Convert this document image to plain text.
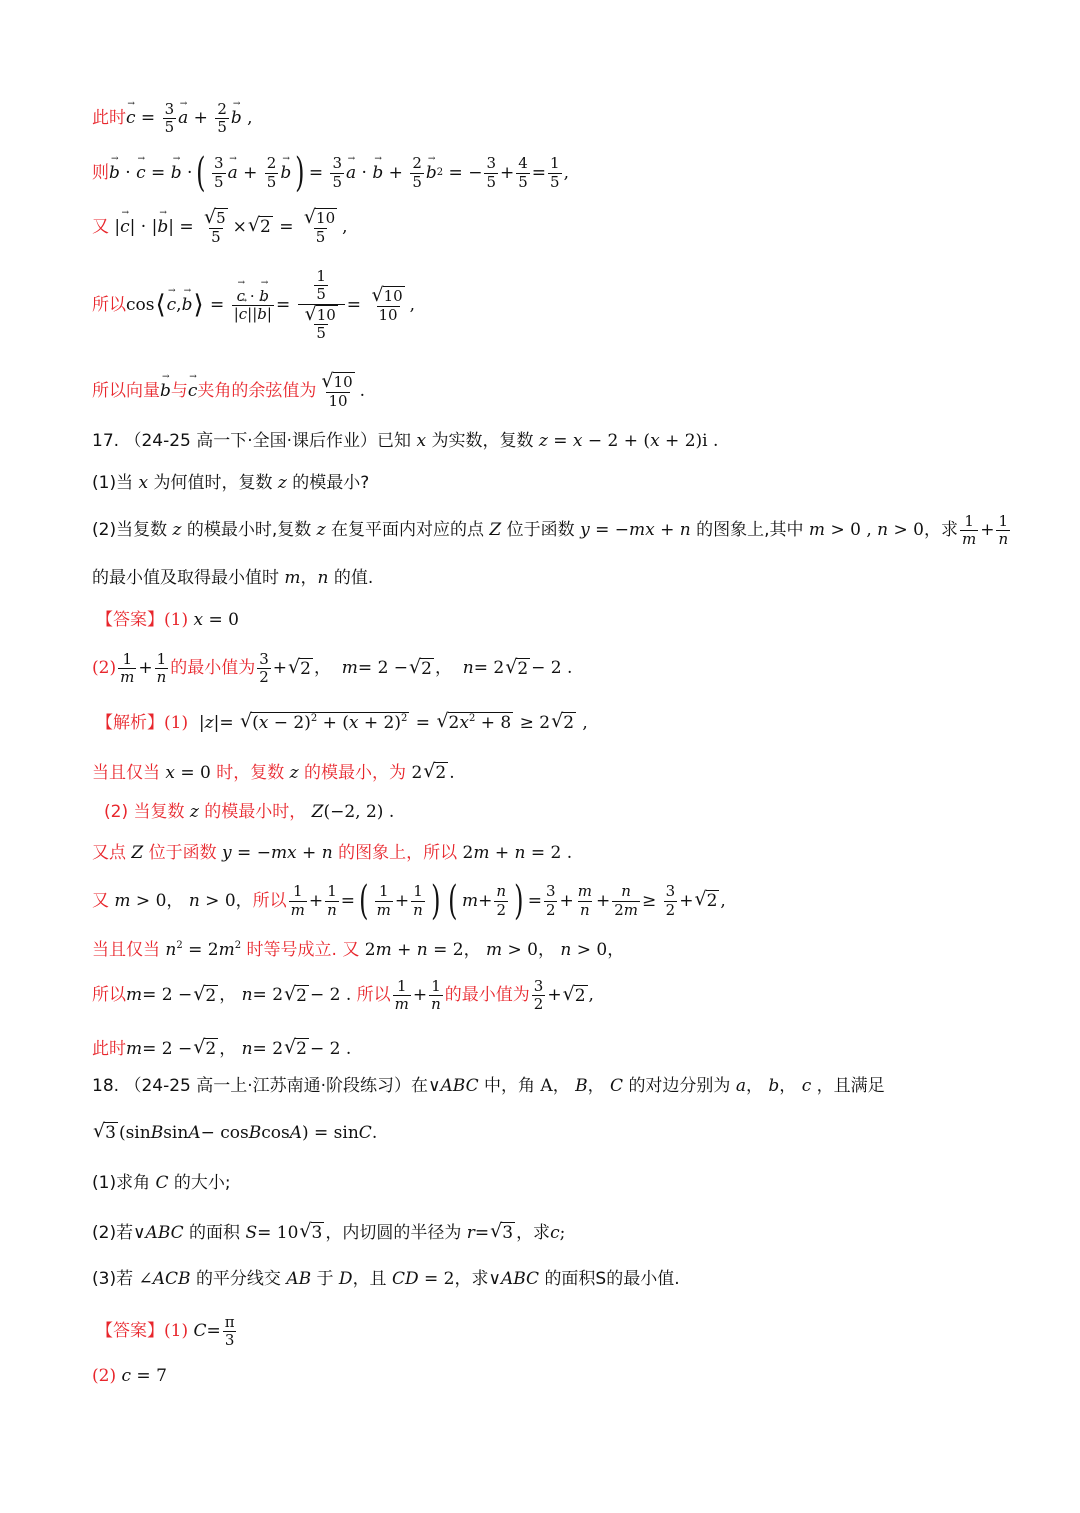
此时 → $c = \frac{3}{5} \to a + \frac{2}{5} \to b$ ,
则 → b · → c = → b · ( $\frac{3}{5} \to a + \frac{2}{5} \to b$ ) = $\frac{3}{5} \to a$ · → $b + \frac{2}{5} \to b$ 2 = − $\frac{3}{5} + \frac{4}{5} = \frac{1}{5}$ ,
又 | → c | · | → b | = $\frac{√ 5}{5}$ × √ $2 = \frac{√ 10}{5}$ ,
所以 cos ⟨ → c , → b ⟩ = → $\frac{c \cdot \to b}{|\to c||\to b|} = \frac{\frac{1}{5}}{\frac{√ 10}{5}} = \frac{√ 10}{10}$ ,
所以向量 → b 与 → c 夹角的余弦值为 $\frac{√ 10}{10}$ .
17. （24-25 高一下·全国·课后作业）已知 x 为实数，复数 z = x − 2 + (x + 2)i .
(1)当 x 为何值时，复数 z 的模最小?
(2)当复数 z 的模最小时,复数 z 在复平面内对应的点 Z 位于函数 y = −mx + n 的图象上,其中 m > 0 , n > 0 ，求 $\frac{1}{m} + \frac{1}{n}$
的最小值及取得最小值时 m，n 的值.
【答案】 (1) x = 0
$(2) \frac{1}{m} + \frac{1}{n}$ 的最小值为 $\frac{3}{2}$ + √ 2 ， m = 2 − √ 2 ， n = 2 √ 2 − 2 .
【解析】 (1) | z |= √ $(x - 2)^2 + (x + 2)^2$ = √ $2x^2 + 8 \ge 2$ √ 2 ,
当且仅当 x = 0 时，复数 z 的模最小，为 2 √ 2 .
(2) 当复数 z 的模最小时， Z(−2, 2) .
又点 Z 位于函数 y = −mx + n 的图象上，所以 2m + n = 2 .
又 m > 0， n > 0， 所以 $\frac{1}{m} + \frac{1}{n}$ = ( $\frac{1}{m} + \frac{1}{n}$ ) ( $m + \frac{n}{2}$ ) = $\frac{3}{2} + \frac{m}{n} + \frac{n}{2m} \ge \frac{3}{2}$ + √ 2 ,
当且仅当 $n^2 = 2m^2$ 时等号成立. 又 2m + n = 2， m > 0， n > 0，
所以 m = 2 − √ 2 ， n = 2 √ 2 − 2 . 所以 $\frac{1}{m} + \frac{1}{n}$ 的最小值为 $\frac{3}{2}$ + √ 2 ,
此时 m = 2 − √ 2 ， n = 2 √ 2 − 2 .
18. （24-25 高一上·江苏南通·阶段练习）在 ∨ABC 中，角 A， B， C 的对边分别为 a， b， c ，且满足
√ 3 (sin B sin A − cos B cos A ) = sin C .
(1)求角 C 的大小;
(2)若 ∨ABC 的面积
S = 10 √ 3 ，内切圆的半径为
r = √ 3 ，求 c;
(3)若 ∠ACB 的平分线交 AB 于 D ，且 CD = 2 ，求 ∨ABC 的面积S的最小值.
【答案】 (1)
$C = \frac{\pi}{3}$
(2) c = 7
